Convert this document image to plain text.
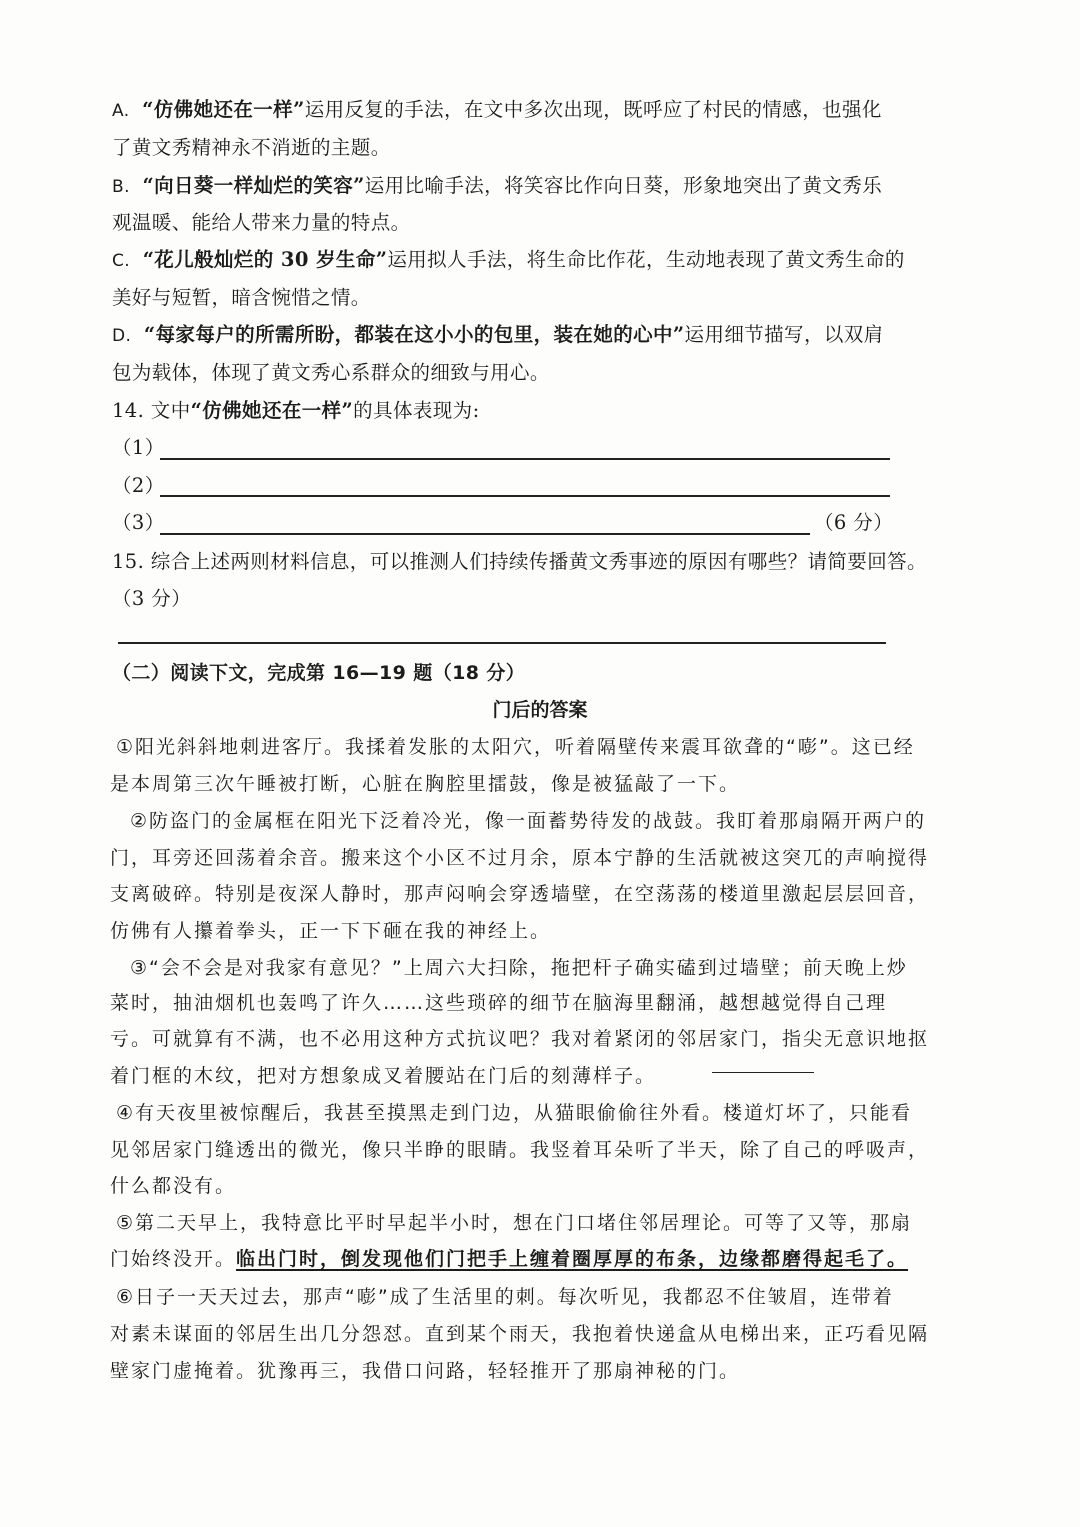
A. “仿佛她还在一样”运用反复的手法，在文中多次出现，既呼应了村民的情感，也强化
了黄文秀精神永不消逝的主题。
B. “向日葵一样灿烂的笑容”运用比喻手法，将笑容比作向日葵，形象地突出了黄文秀乐
观温暖、能给人带来力量的特点。
C. “花儿般灿烂的 30 岁生命”运用拟人手法，将生命比作花，生动地表现了黄文秀生命的
美好与短暂，暗含惋惜之情。
D. “每家每户的所需所盼，都装在这小小的包里，装在她的心中”运用细节描写，以双肩
包为载体，体现了黄文秀心系群众的细致与用心。
14. 文中“仿佛她还在一样”的具体表现为:
（1）
（2）
（3）	（6 分）
15. 综合上述两则材料信息，可以推测人们持续传播黄文秀事迹的原因有哪些？请简要回答。
（3 分）
（二）阅读下文，完成第 16—19 题（18 分）
门后的答案
①阳光斜斜地刺进客厅。我揉着发胀的太阳穴，听着隔壁传来震耳欲聋的“嘭”。这已经
是本周第三次午睡被打断，心脏在胸腔里擂鼓，像是被猛敲了一下。
②防盗门的金属框在阳光下泛着冷光，像一面蓄势待发的战鼓。我盯着那扇隔开两户的
门，耳旁还回荡着余音。搬来这个小区不过月余，原本宁静的生活就被这突兀的声响搅得
支离破碎。特别是夜深人静时，那声闷响会穿透墙壁，在空荡荡的楼道里激起层层回音，
仿佛有人攥着拳头，正一下下砸在我的神经上。
③“会不会是对我家有意见？”上周六大扫除，拖把杆子确实磕到过墙壁；前天晚上炒
菜时，抽油烟机也轰鸣了许久……这些琐碎的细节在脑海里翻涌，越想越觉得自己理
亏。可就算有不满，也不必用这种方式抗议吧？我对着紧闭的邻居家门，指尖无意识地抠
着门框的木纹，把对方想象成叉着腰站在门后的刻薄样子。
④有天夜里被惊醒后，我甚至摸黑走到门边，从猫眼偷偷往外看。楼道灯坏了，只能看
见邻居家门缝透出的微光，像只半睁的眼睛。我竖着耳朵听了半天，除了自己的呼吸声，
什么都没有。
⑤第二天早上，我特意比平时早起半小时，想在门口堵住邻居理论。可等了又等，那扇
门始终没开。临出门时，倒发现他们门把手上缠着圈厚厚的布条，边缘都磨得起毛了。
⑥日子一天天过去，那声“嘭”成了生活里的刺。每次听见，我都忍不住皱眉，连带着
对素未谋面的邻居生出几分怨怼。直到某个雨天，我抱着快递盒从电梯出来，正巧看见隔
壁家门虚掩着。犹豫再三，我借口问路，轻轻推开了那扇神秘的门。
